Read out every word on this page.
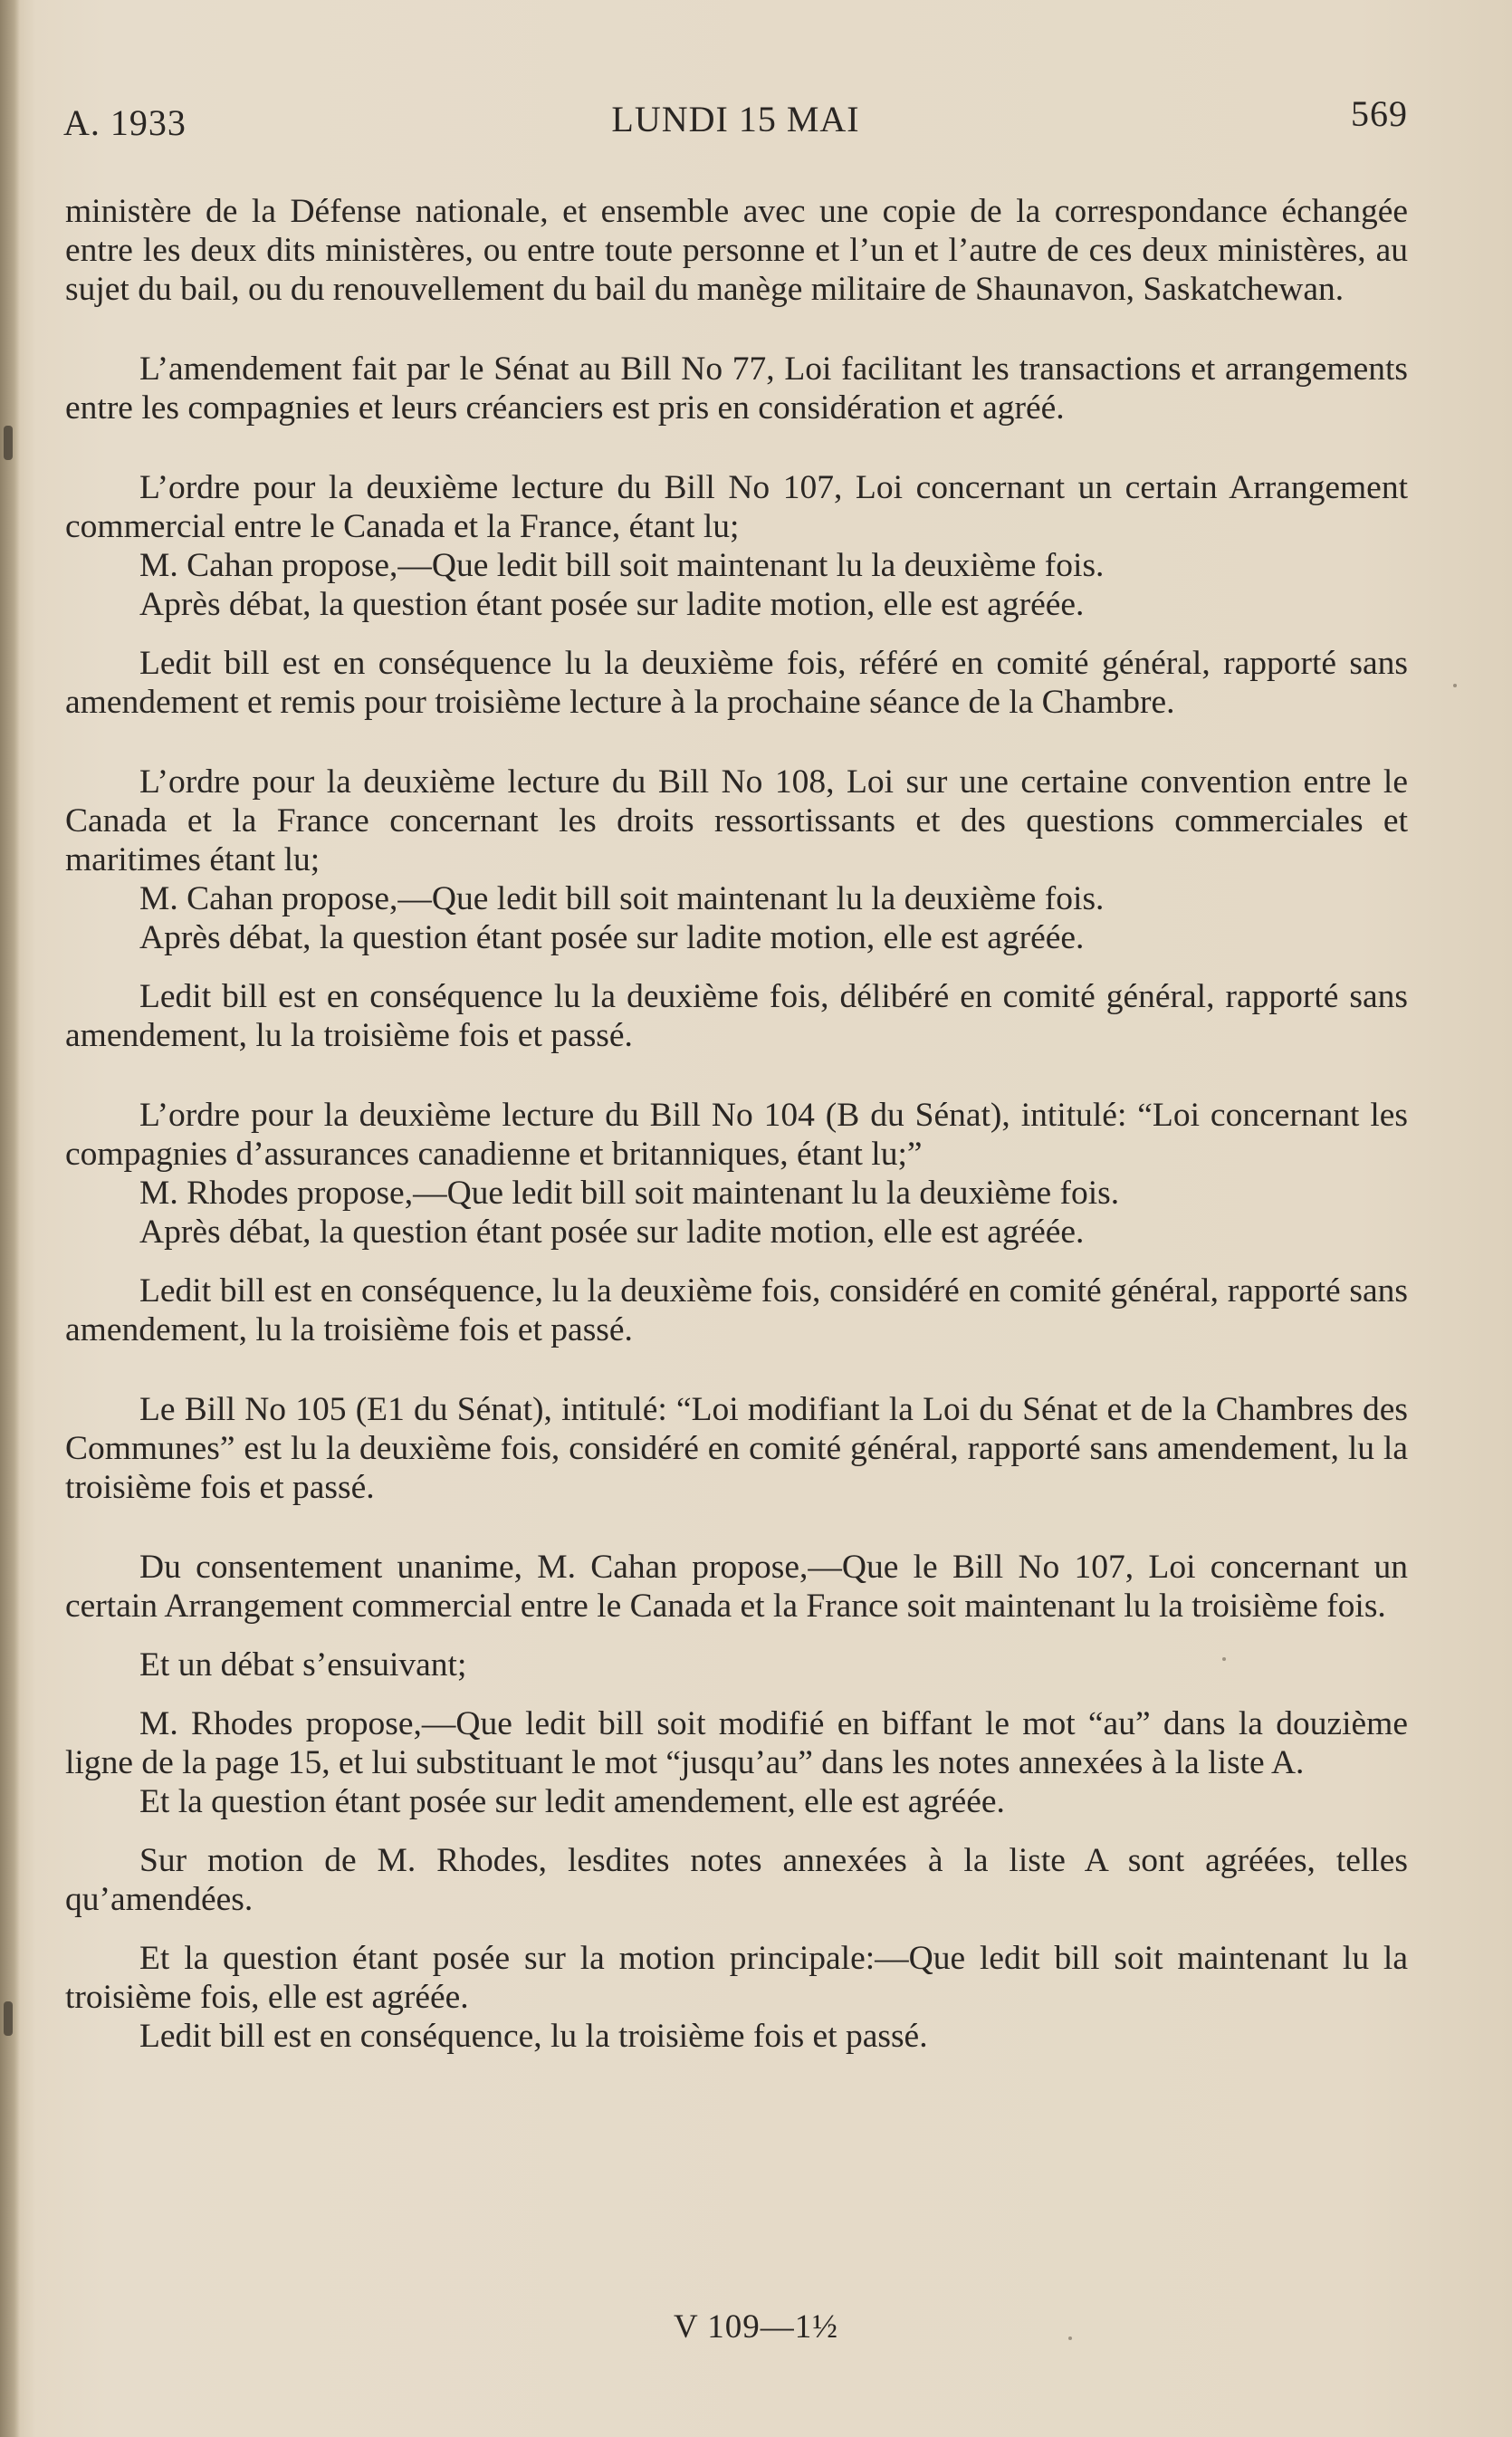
A. 1933	LUNDI 15 MAI	569

ministère de la Défense nationale, et ensemble avec une copie de la correspondance échangée entre les deux dits ministères, ou entre toute personne et l’un et l’autre de ces deux ministères, au sujet du bail, ou du renouvellement du bail du manège militaire de Shaunavon, Saskatchewan.

L’amendement fait par le Sénat au Bill No 77, Loi facilitant les transactions et arrangements entre les compagnies et leurs créanciers est pris en considération et agréé.

L’ordre pour la deuxième lecture du Bill No 107, Loi concernant un certain Arrangement commercial entre le Canada et la France, étant lu;

M. Cahan propose,—Que ledit bill soit maintenant lu la deuxième fois.

Après débat, la question étant posée sur ladite motion, elle est agréée.

Ledit bill est en conséquence lu la deuxième fois, référé en comité général, rapporté sans amendement et remis pour troisième lecture à la prochaine séance de la Chambre.

L’ordre pour la deuxième lecture du Bill No 108, Loi sur une certaine convention entre le Canada et la France concernant les droits ressortissants et des questions commerciales et maritimes étant lu;

M. Cahan propose,—Que ledit bill soit maintenant lu la deuxième fois.

Après débat, la question étant posée sur ladite motion, elle est agréée.

Ledit bill est en conséquence lu la deuxième fois, délibéré en comité général, rapporté sans amendement, lu la troisième fois et passé.

L’ordre pour la deuxième lecture du Bill No 104 (B du Sénat), intitulé: “Loi concernant les compagnies d’assurances canadienne et britanniques, étant lu;”

M. Rhodes propose,—Que ledit bill soit maintenant lu la deuxième fois.

Après débat, la question étant posée sur ladite motion, elle est agréée.

Ledit bill est en conséquence, lu la deuxième fois, considéré en comité général, rapporté sans amendement, lu la troisième fois et passé.

Le Bill No 105 (E1 du Sénat), intitulé: “Loi modifiant la Loi du Sénat et de la Chambres des Communes” est lu la deuxième fois, considéré en comité général, rapporté sans amendement, lu la troisième fois et passé.

Du consentement unanime, M. Cahan propose,—Que le Bill No 107, Loi concernant un certain Arrangement commercial entre le Canada et la France soit maintenant lu la troisième fois.

Et un débat s’ensuivant;

M. Rhodes propose,—Que ledit bill soit modifié en biffant le mot “au” dans la douzième ligne de la page 15, et lui substituant le mot “jusqu’au” dans les notes annexées à la liste A.

Et la question étant posée sur ledit amendement, elle est agréée.

Sur motion de M. Rhodes, lesdites notes annexées à la liste A sont agréées, telles qu’amendées.

Et la question étant posée sur la motion principale:—Que ledit bill soit maintenant lu la troisième fois, elle est agréée.

Ledit bill est en conséquence, lu la troisième fois et passé.

V 109—1½
